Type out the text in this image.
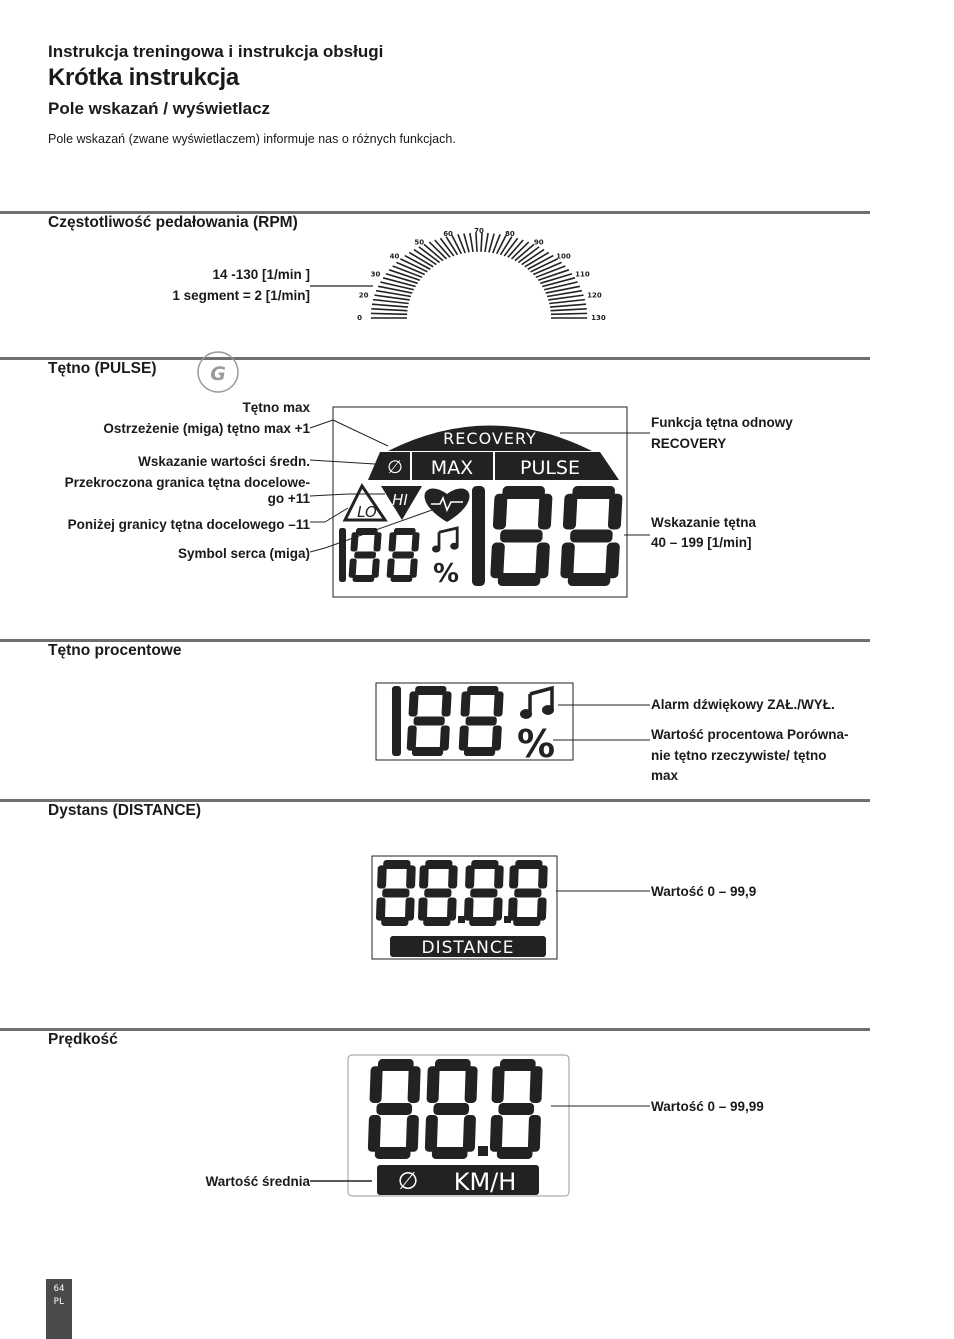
Instrukcja treningowa i instrukcja obsługi
Krótka instrukcja
Pole wskazań / wyświetlacz
Pole wskazań (zwane wyświetlaczem) informuje nas o różnych funkcjach.
Częstotliwość pedałowania (RPM)
14 -130 [1/min ]
1 segment = 2 [1/min]
0
20
30
40
50
60	70	80
90
100
110
120
130
Tętno (PULSE)	G
RECOVERY
∅ MAX PULSE
LO
HI
%
Tętno max
Ostrzeżenie (miga) tętno max +1
Wskazanie wartości średn.
Przekroczona granica tętna docelowe-
go +11
Poniżej granicy tętna docelowego –11
Symbol serca (miga)
Funkcja tętna odnowy
RECOVERY
Wskazanie tętna
40 – 199 [1/min]
Tętno procentowe
%
Alarm dźwiękowy ZAŁ./WYŁ.
Wartość procentowa Porówna-
nie tętno rzeczywiste/ tętno
max
Dystans (DISTANCE)
DISTANCE
Wartość 0 – 99,9
Prędkość
∅ KM/H
Wartość 0 – 99,99
Wartość średnia
64
PL
